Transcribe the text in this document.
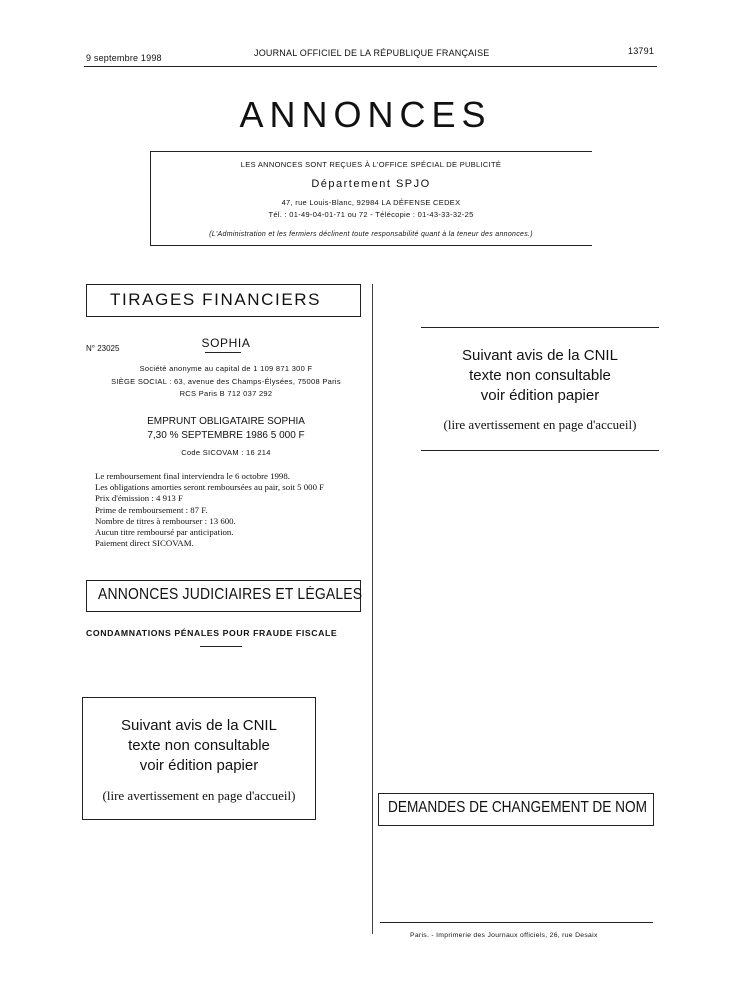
9 septembre 1998	JOURNAL OFFICIEL DE LA RÉPUBLIQUE FRANÇAISE	13791
ANNONCES
LES ANNONCES SONT REÇUES À L'OFFICE SPÉCIAL DE PUBLICITÉ
Département SPJO
47, rue Louis-Blanc, 92984 LA DÉFENSE CEDEX
Tél. : 01-49-04-01-71 ou 72 - Télécopie : 01-43-33-32-25
(L'Administration et les fermiers déclinent toute responsabilité quant à la teneur des annonces.)
TIRAGES FINANCIERS
N° 23025	SOPHIA
Société anonyme au capital de 1 109 871 300 F
SIÈGE SOCIAL : 63, avenue des Champs-Élysées, 75008 Paris
RCS Paris B 712 037 292
EMPRUNT OBLIGATAIRE SOPHIA
7,30 % SEPTEMBRE 1986 5 000 F
Code SICOVAM : 16 214
Le remboursement final interviendra le 6 octobre 1998.
Les obligations amorties seront remboursées au pair, soit 5 000 F
Prix d'émission : 4 913 F
Prime de remboursement : 87 F.
Nombre de titres à rembourser : 13 600.
Aucun titre remboursé par anticipation.
Paiement direct SICOVAM.
ANNONCES JUDICIAIRES ET LÉGALES
CONDAMNATIONS PÉNALES POUR FRAUDE FISCALE
Suivant avis de la CNIL
texte non consultable
voir édition papier
(lire avertissement en page d'accueil)
Suivant avis de la CNIL
texte non consultable
voir édition papier
(lire avertissement en page d'accueil)
DEMANDES DE CHANGEMENT DE NOM
Paris. - Imprimerie des Journaux officiels, 26, rue Desaix
